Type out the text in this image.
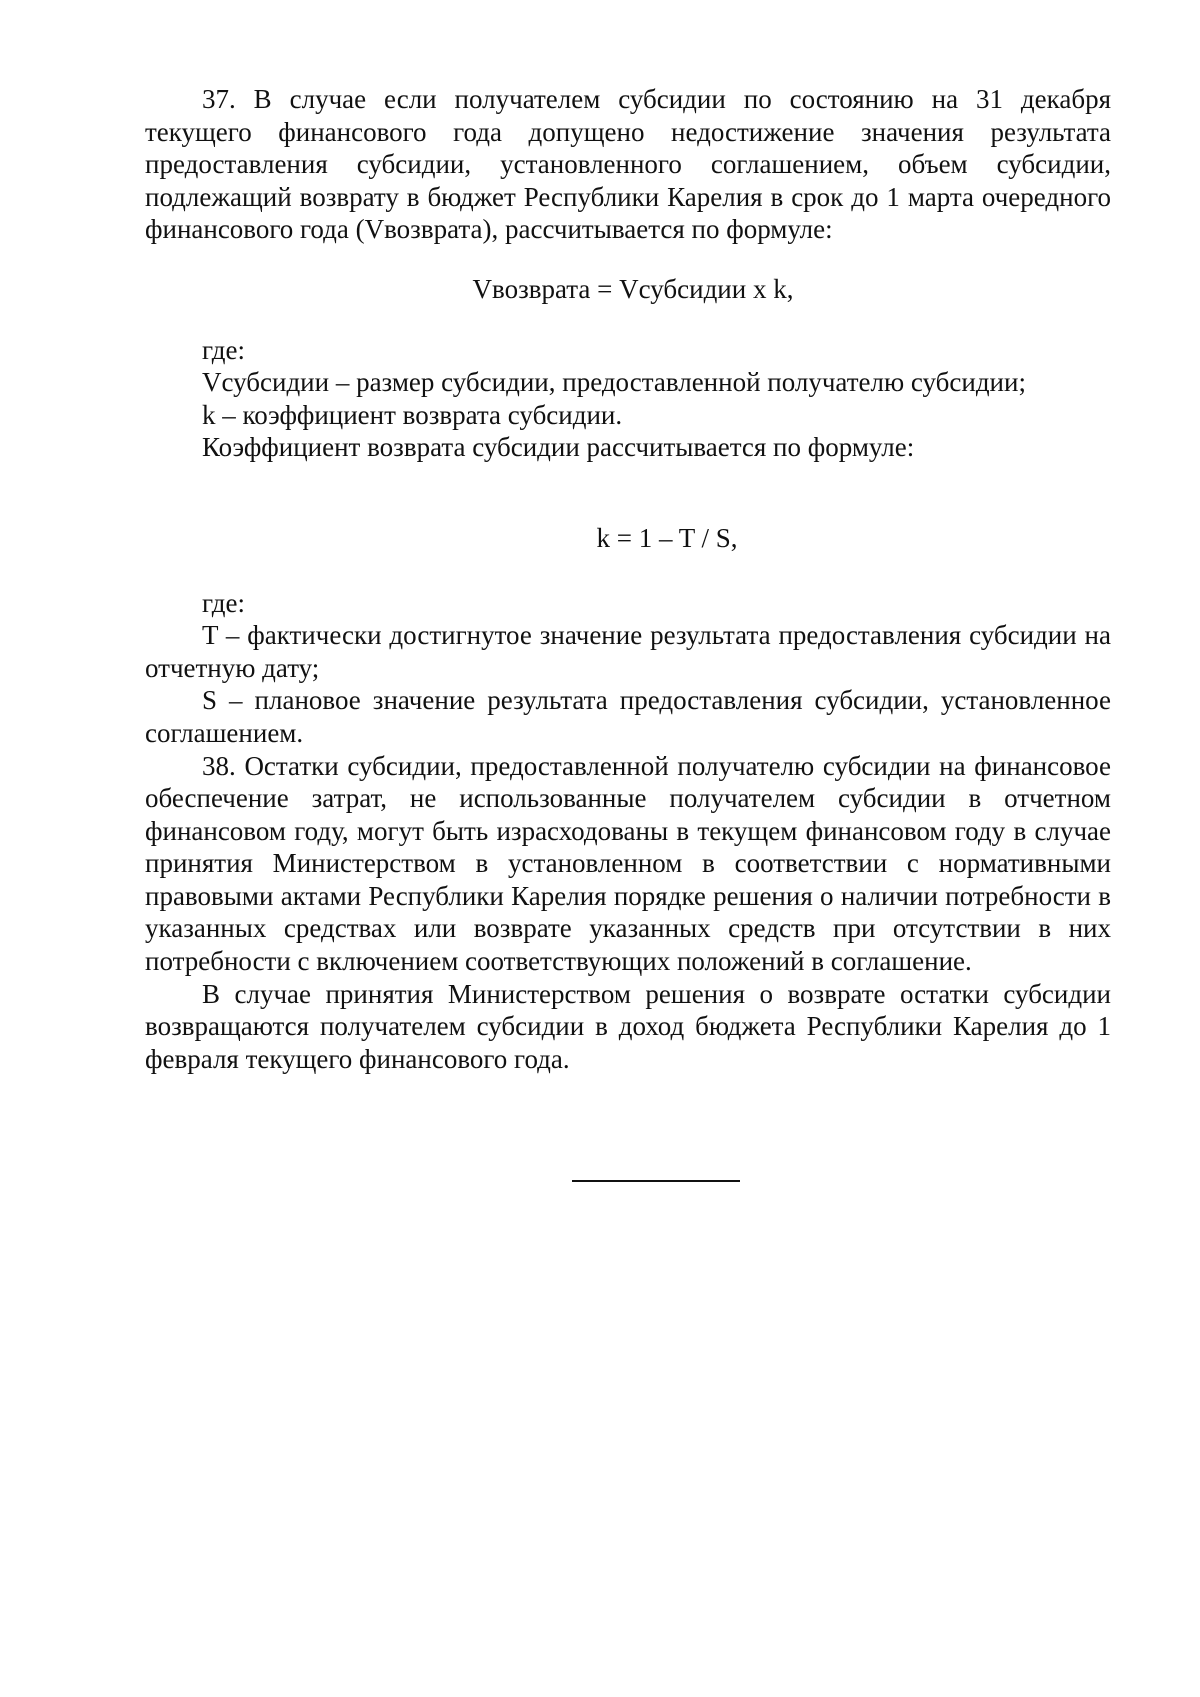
37. В случае если получателем субсидии по состоянию на 31 декабря текущего финансового года допущено недостижение значения результата предоставления субсидии, установленного соглашением, объем субсидии, подлежащий возврату в бюджет Республики Карелия в срок до 1 марта очередного финансового года (Vвозврата), рассчитывается по формуле:

Vвозврата = Vсубсидии x k,

где:

Vсубсидии – размер субсидии, предоставленной получателю субсидии;

k – коэффициент возврата субсидии.

Коэффициент возврата субсидии рассчитывается по формуле:

k = 1 – T / S,

где:

T – фактически достигнутое значение результата предоставления субсидии на отчетную дату;

S – плановое значение результата предоставления субсидии, установленное соглашением.

38. Остатки субсидии, предоставленной получателю субсидии на финансовое обеспечение затрат, не использованные получателем субсидии в отчетном финансовом году, могут быть израсходованы в текущем финансовом году в случае принятия Министерством в установленном в соответствии с нормативными правовыми актами Республики Карелия порядке решения о наличии потребности в указанных средствах или возврате указанных средств при отсутствии в них потребности с включением соответствующих положений в соглашение.

В случае принятия Министерством решения о возврате остатки субсидии возвращаются получателем субсидии в доход бюджета Республики Карелия до 1 февраля текущего финансового года.
